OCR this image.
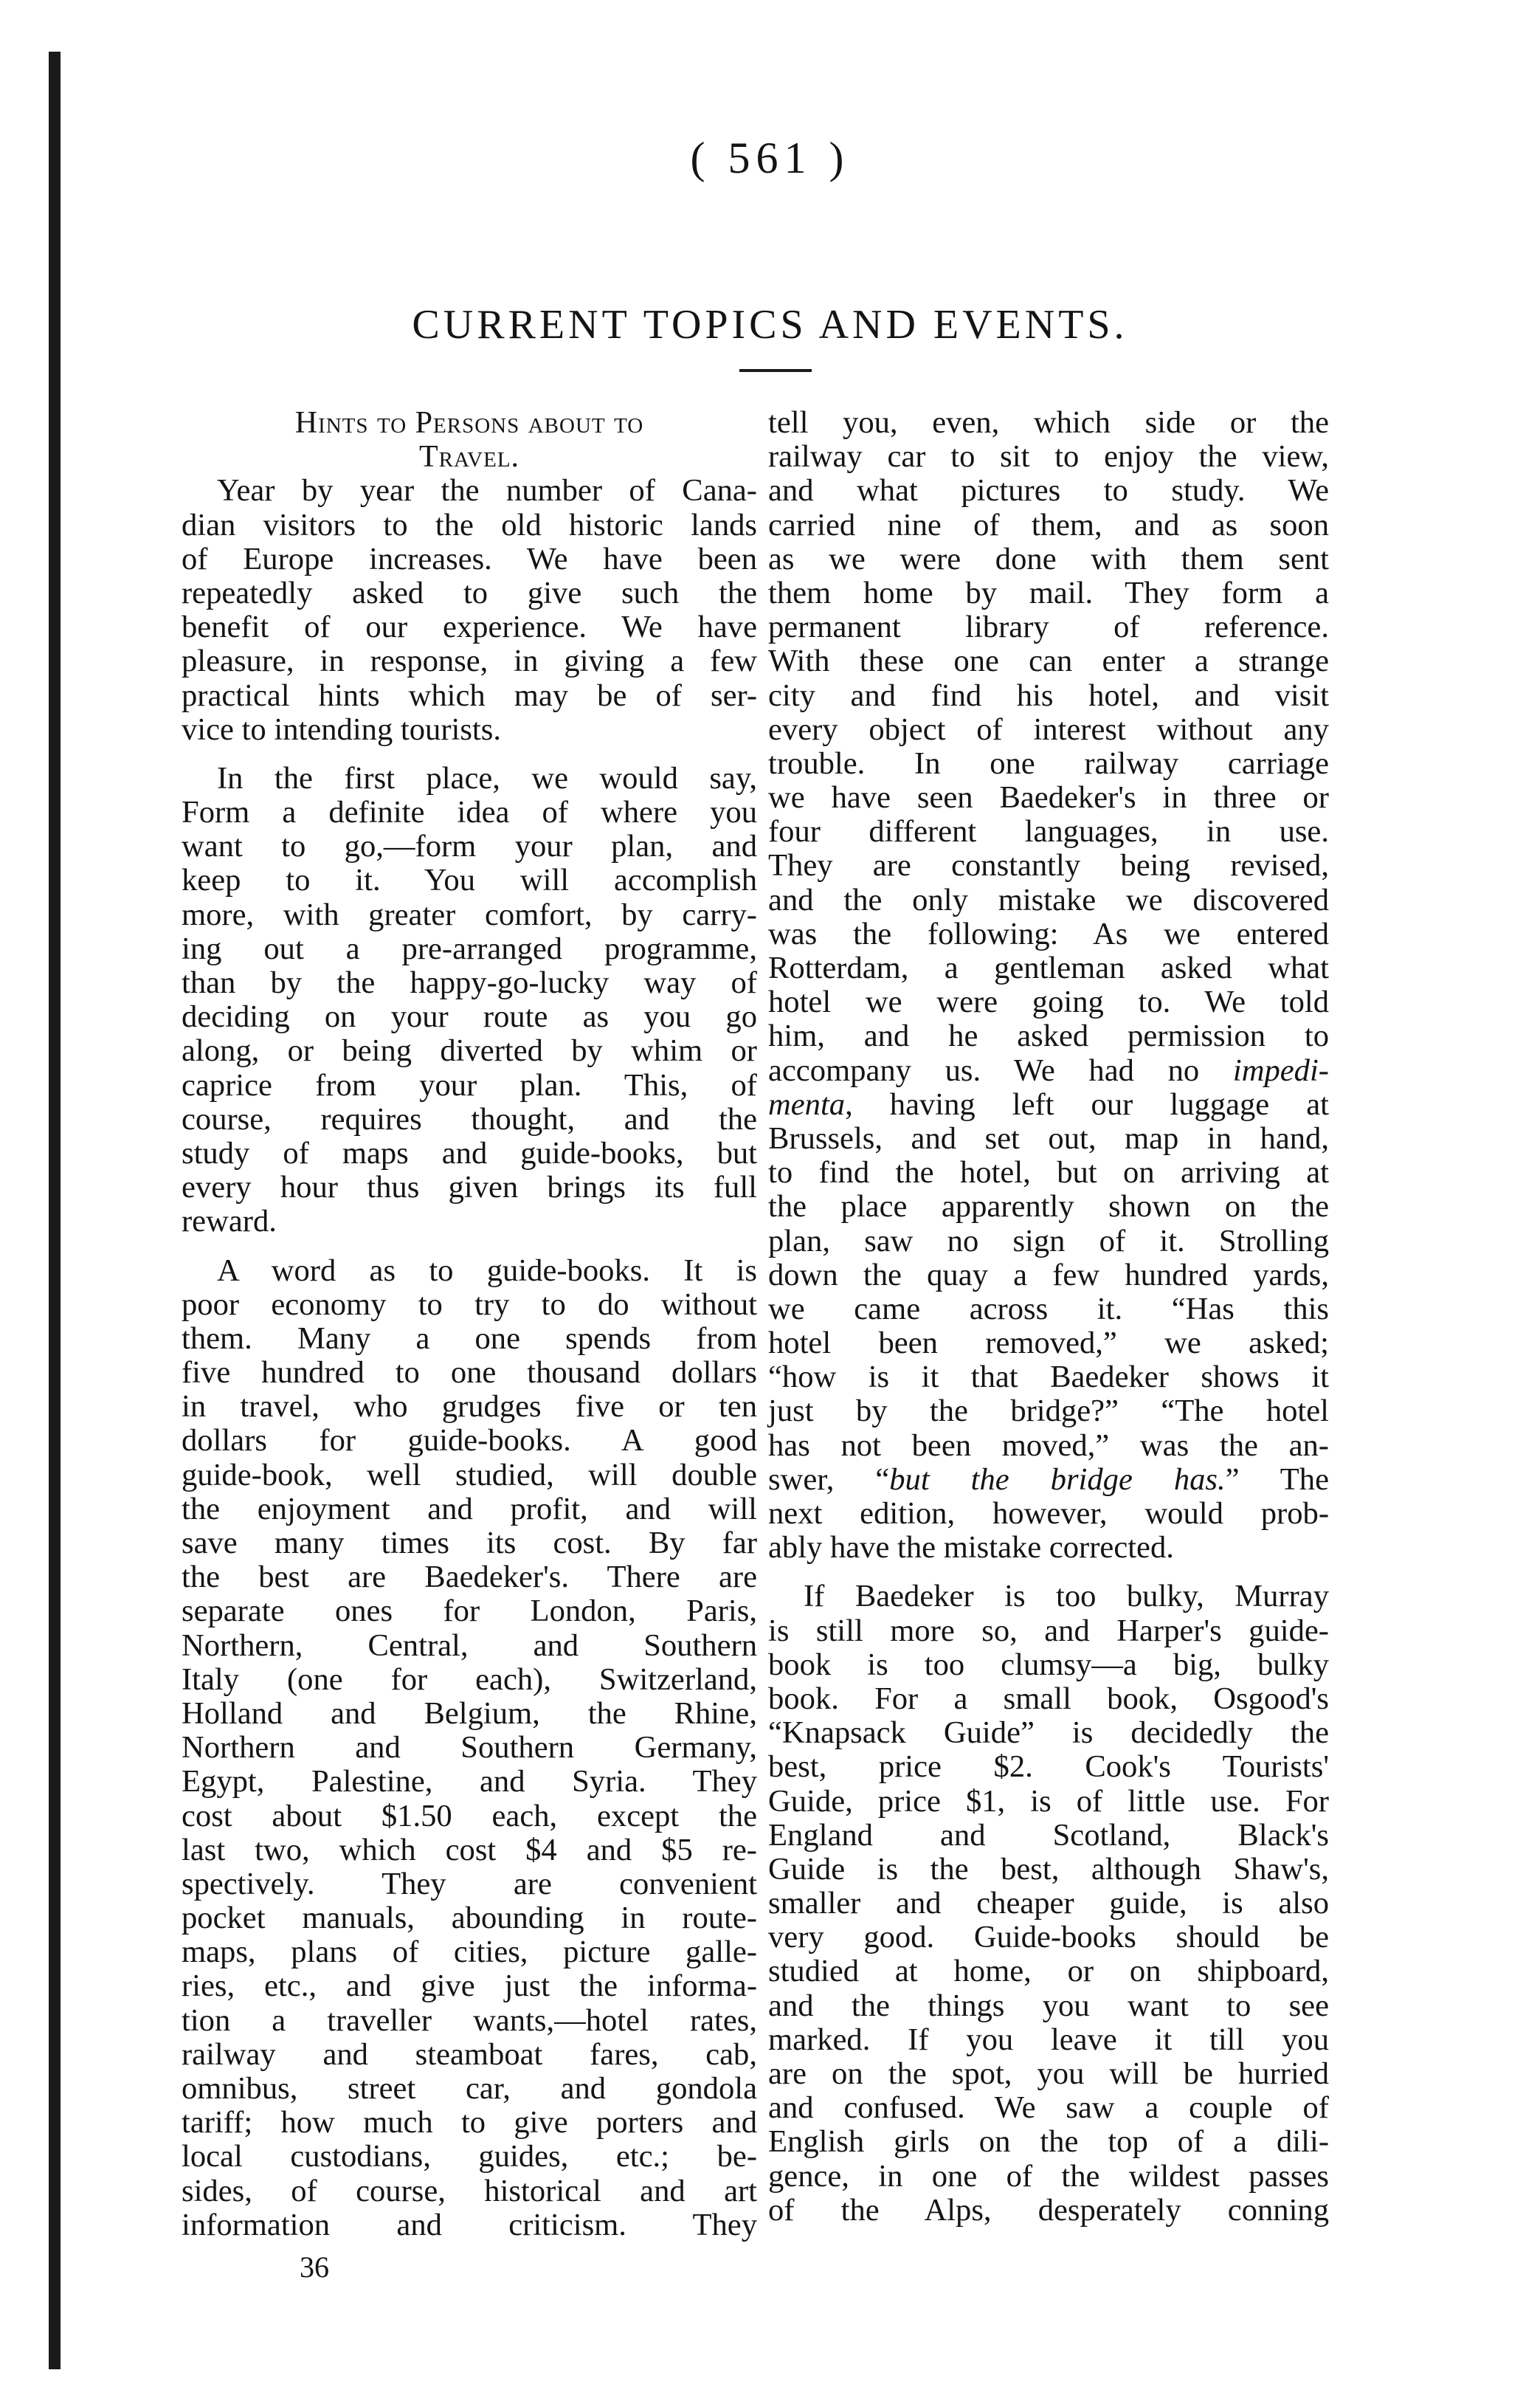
( 561 )
CURRENT TOPICS AND EVENTS.
Hints to Persons about to
Travel.
Year by year the number of Cana-
dian visitors to the old historic lands
of Europe increases. We have been
repeatedly asked to give such the
benefit of our experience. We have
pleasure, in response, in giving a few
practical hints which may be of ser-
vice to intending tourists.
In the first place, we would say,
Form a definite idea of where you
want to go,—form your plan, and
keep to it. You will accomplish
more, with greater comfort, by carry-
ing out a pre-arranged programme,
than by the happy-go-lucky way of
deciding on your route as you go
along, or being diverted by whim or
caprice from your plan. This, of
course, requires thought, and the
study of maps and guide-books, but
every hour thus given brings its full
reward.
A word as to guide-books. It is
poor economy to try to do without
them. Many a one spends from
five hundred to one thousand dollars
in travel, who grudges five or ten
dollars for guide-books. A good
guide-book, well studied, will double
the enjoyment and profit, and will
save many times its cost. By far
the best are Baedeker's. There are
separate ones for London, Paris,
Northern, Central, and Southern
Italy (one for each), Switzerland,
Holland and Belgium, the Rhine,
Northern and Southern Germany,
Egypt, Palestine, and Syria. They
cost about $1.50 each, except the
last two, which cost $4 and $5 re-
spectively. They are convenient
pocket manuals, abounding in route-
maps, plans of cities, picture galle-
ries, etc., and give just the informa-
tion a traveller wants,—hotel rates,
railway and steamboat fares, cab,
omnibus, street car, and gondola
tariff; how much to give porters and
local custodians, guides, etc.; be-
sides, of course, historical and art
information and criticism. They
tell you, even, which side or the
railway car to sit to enjoy the view,
and what pictures to study. We
carried nine of them, and as soon
as we were done with them sent
them home by mail. They form a
permanent library of reference.
With these one can enter a strange
city and find his hotel, and visit
every object of interest without any
trouble. In one railway carriage
we have seen Baedeker's in three or
four different languages, in use.
They are constantly being revised,
and the only mistake we discovered
was the following: As we entered
Rotterdam, a gentleman asked what
hotel we were going to. We told
him, and he asked permission to
accompany us. We had no impedi-
menta, having left our luggage at
Brussels, and set out, map in hand,
to find the hotel, but on arriving at
the place apparently shown on the
plan, saw no sign of it. Strolling
down the quay a few hundred yards,
we came across it. “Has this
hotel been removed,” we asked;
“how is it that Baedeker shows it
just by the bridge?” “The hotel
has not been moved,” was the an-
swer, “but the bridge has.” The
next edition, however, would prob-
ably have the mistake corrected.
If Baedeker is too bulky, Murray
is still more so, and Harper's guide-
book is too clumsy—a big, bulky
book. For a small book, Osgood's
“Knapsack Guide” is decidedly the
best, price $2. Cook's Tourists'
Guide, price $1, is of little use. For
England and Scotland, Black's
Guide is the best, although Shaw's,
smaller and cheaper guide, is also
very good. Guide-books should be
studied at home, or on shipboard,
and the things you want to see
marked. If you leave it till you
are on the spot, you will be hurried
and confused. We saw a couple of
English girls on the top of a dili-
gence, in one of the wildest passes
of the Alps, desperately conning
36
